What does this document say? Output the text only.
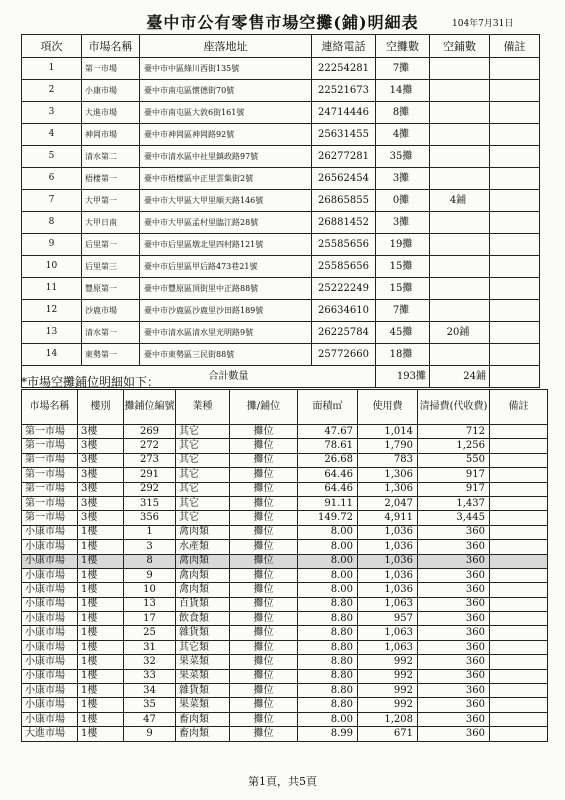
臺中市公有零售市場空攤(鋪)明細表	104年7月31日
項次	市場名稱	座落地址	連絡電話	空攤數	空鋪數	備註
1	第一市場	臺中市中區綠川西街135號	22254281	7攤		
2	小康市場	臺中市南屯區懷德街70號	22521673	14攤		
3	大進市場	臺中市南屯區大敦6街161號	24714446	8攤		
4	神岡市場	臺中市神岡區神岡路92號	25631455	4攤		
5	清水第二	臺中市清水區中社里鎮政路97號	26277281	35攤		
6	梧棲第一	臺中市梧棲區中正里雲集街2號	26562454	3攤		
7	大甲第一	臺中市大甲區大甲里順天路146號	26865855	0攤	4鋪	
8	大甲日南	臺中市大甲區孟村里臨江路28號	26881452	3攤		
9	后里第一	臺中市后里區墩北里四村路121號	25585656	19攤		
10	后里第三	臺中市后里區甲后路473巷21號	25585656	15攤		
11	豐原第一	臺中市豐原區頂街里中正路88號	25222249	15攤		
12	沙鹿市場	臺中市沙鹿區沙鹿里沙田路189號	26634610	7攤		
13	清水第一	臺中市清水區清水里光明路9號	26225784	45攤	20鋪	
14	東勢第一	臺中市東勢區三民街88號	25772660	18攤		
合計數量				193攤	24鋪	
*市場空攤鋪位明細如下：
市場名稱	樓別	攤鋪位編號	業種	攤/鋪位	面積㎡	使用費	清掃費(代收費)	備註
第一市場	3樓	269	其它	攤位	47.67	1,014	712	
第一市場	3樓	272	其它	攤位	78.61	1,790	1,256	
第一市場	3樓	273	其它	攤位	26.68	783	550	
第一市場	3樓	291	其它	攤位	64.46	1,306	917	
第一市場	3樓	292	其它	攤位	64.46	1,306	917	
第一市場	3樓	315	其它	攤位	91.11	2,047	1,437	
第一市場	3樓	356	其它	攤位	149.72	4,911	3,445	
小康市場	1樓	1	禽肉類	攤位	8.00	1,036	360	
小康市場	1樓	3	水產類	攤位	8.00	1,036	360	
小康市場	1樓	8	禽肉類	攤位	8.00	1,036	360	
小康市場	1樓	9	禽肉類	攤位	8.00	1,036	360	
小康市場	1樓	10	禽肉類	攤位	8.00	1,036	360	
小康市場	1樓	13	百貨類	攤位	8.80	1,063	360	
小康市場	1樓	17	飲食類	攤位	8.80	957	360	
小康市場	1樓	25	雜貨類	攤位	8.80	1,063	360	
小康市場	1樓	31	其它類	攤位	8.80	1,063	360	
小康市場	1樓	32	果菜類	攤位	8.80	992	360	
小康市場	1樓	33	果菜類	攤位	8.80	992	360	
小康市場	1樓	34	雜貨類	攤位	8.80	992	360	
小康市場	1樓	35	果菜類	攤位	8.80	992	360	
小康市場	1樓	47	畜肉類	攤位	8.00	1,208	360	
大進市場	1樓	9	畜肉類	攤位	8.99	671	360	
第1頁，共5頁
